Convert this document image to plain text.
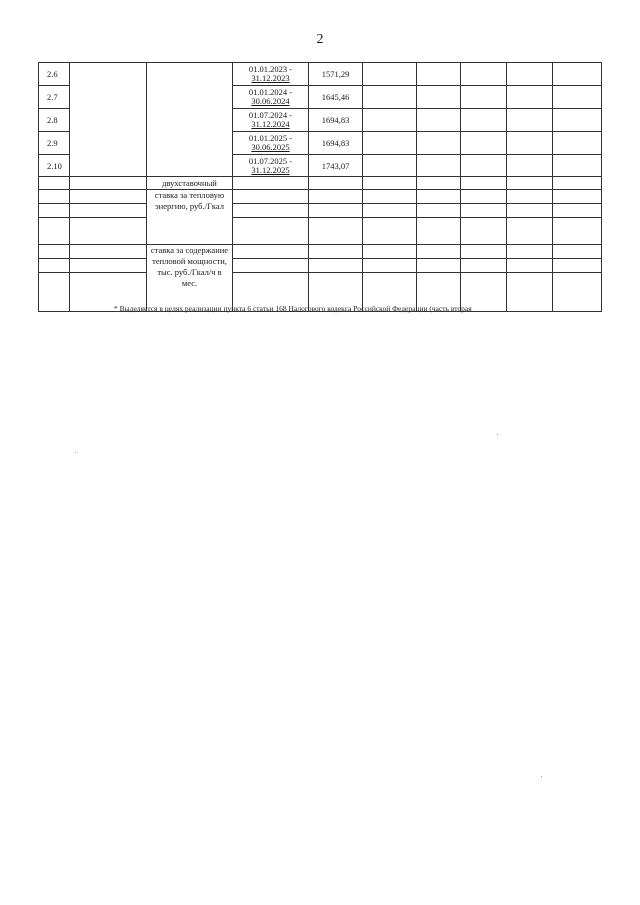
2
2.6			01.01.2023 -
31.12.2023	1571,29					
2.7			01.01.2024 -
30.06.2024	1645,46					
2.8			01.07.2024 -
31.12.2024	1694,83					
2.9			01.01.2025 -
30.06.2025	1694,83					
2.10			01.07.2025 -
31.12.2025	1743,07					
		двухставочный							
		ставка за тепловую энергию, руб./Гкал							

		ставка за содержание тепловой мощности, тыс. руб./Гкал/ч в мес.							

* Выделяется в целях реализации пункта 6 статьи 168 Налогового кодекса Российской Федерации (часть вторая
